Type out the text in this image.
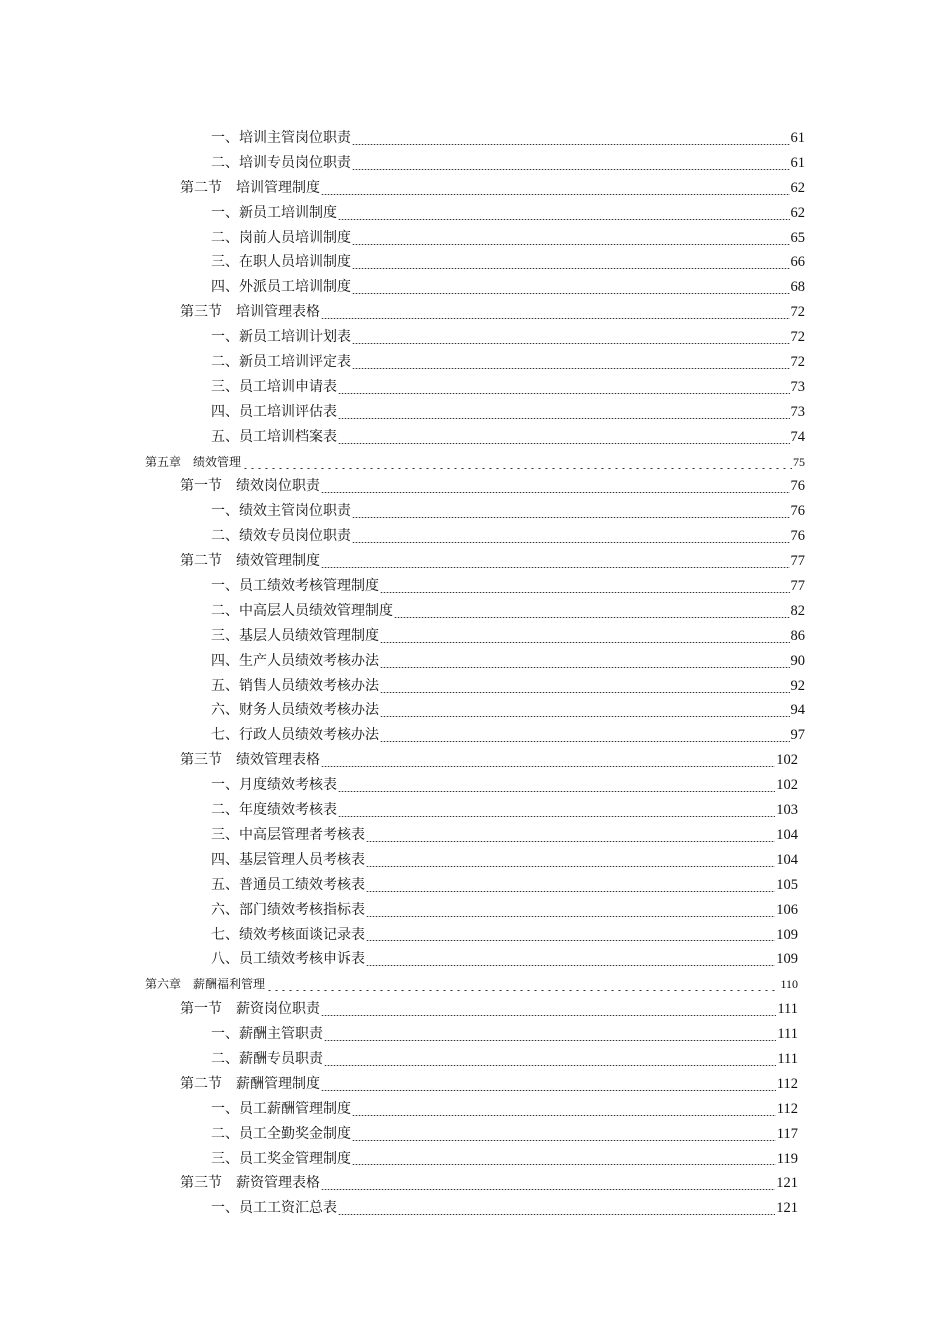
一、培训主管岗位职责	61
二、培训专员岗位职责	61
第二节　培训管理制度	62
一、新员工培训制度	62
二、岗前人员培训制度	65
三、在职人员培训制度	66
四、外派员工培训制度	68
第三节　培训管理表格	72
一、新员工培训计划表	72
二、新员工培训评定表	72
三、员工培训申请表	73
四、员工培训评估表	73
五、员工培训档案表	74
第五章　绩效管理	75
第一节　绩效岗位职责	76
一、绩效主管岗位职责	76
二、绩效专员岗位职责	76
第二节　绩效管理制度	77
一、员工绩效考核管理制度	77
二、中高层人员绩效管理制度	82
三、基层人员绩效管理制度	86
四、生产人员绩效考核办法	90
五、销售人员绩效考核办法	92
六、财务人员绩效考核办法	94
七、行政人员绩效考核办法	97
第三节　绩效管理表格	102
一、月度绩效考核表	102
二、年度绩效考核表	103
三、中高层管理者考核表	104
四、基层管理人员考核表	104
五、普通员工绩效考核表	105
六、部门绩效考核指标表	106
七、绩效考核面谈记录表	109
八、员工绩效考核申诉表	109
第六章　薪酬福利管理	110
第一节　薪资岗位职责	111
一、薪酬主管职责	111
二、薪酬专员职责	111
第二节　薪酬管理制度	112
一、员工薪酬管理制度	112
二、员工全勤奖金制度	117
三、员工奖金管理制度	119
第三节　薪资管理表格	121
一、员工工资汇总表	121
